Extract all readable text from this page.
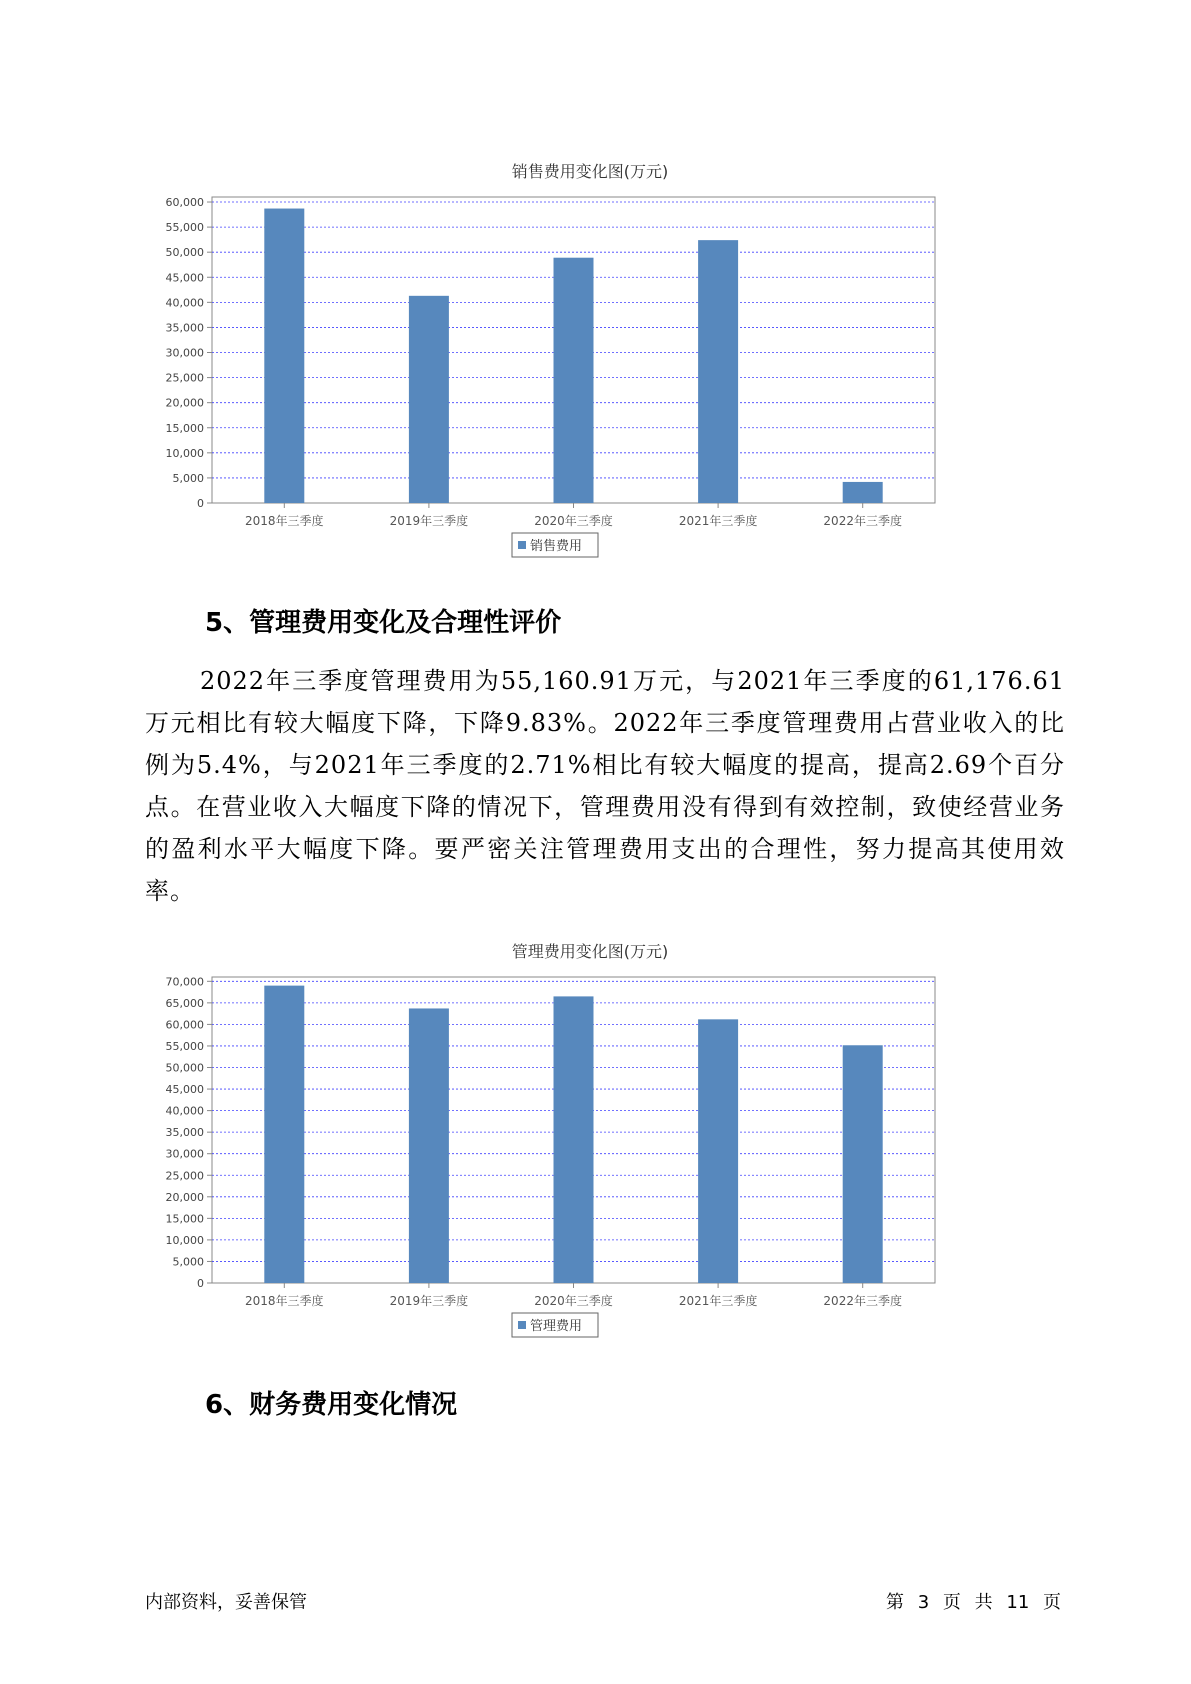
销售费用变化图(万元)
60,000
55,000
50,000
45,000
40,000
35,000
30,000
25,000
20,000
15,000
10,000
5,000
0
2018年三季度	2019年三季度	2020年三季度	2021年三季度	2022年三季度
销售费用
5、管理费用变化及合理性评价
2022年三季度管理费用为55,160.91万元，与2021年三季度的61,176.61万元相比有较大幅度下降，下降9.83%。2022年三季度管理费用占营业收入的比例为5.4%，与2021年三季度的2.71%相比有较大幅度的提高，提高2.69个百分点。在营业收入大幅度下降的情况下，管理费用没有得到有效控制，致使经营业务的盈利水平大幅度下降。要严密关注管理费用支出的合理性，努力提高其使用效率。
管理费用变化图(万元)
70,000
65,000
60,000
55,000
50,000
45,000
40,000
35,000
30,000
25,000
20,000
15,000
10,000
5,000
0
2018年三季度	2019年三季度	2020年三季度	2021年三季度	2022年三季度
管理费用
6、财务费用变化情况
内部资料，妥善保管	第 3 页 共 11 页
